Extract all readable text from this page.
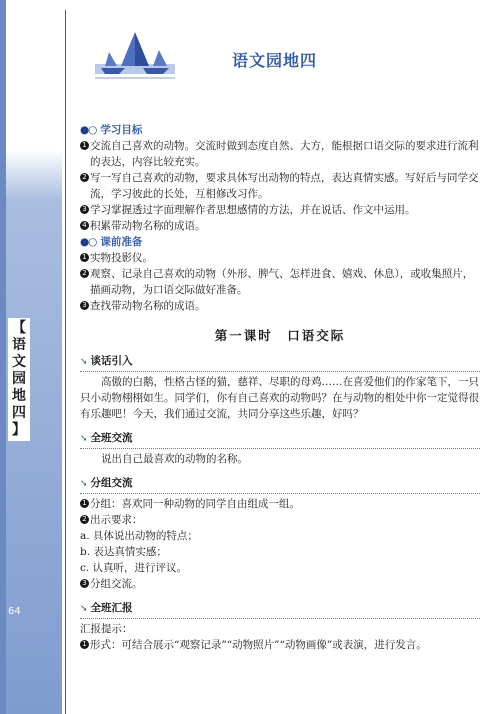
【
语
文
园
地
四
】
64
语文园地四
●○ 学习目标
1 交流自己喜欢的动物。交流时做到态度自然、大方，能根据口语交际的要求进行流利的表达，内容比较充实。
2 写一写自己喜欢的动物，要求具体写出动物的特点，表达真情实感。写好后与同学交流，学习彼此的长处，互相修改习作。
3 学习掌握透过字面理解作者思想感情的方法，并在说话、作文中运用。
4 积累带动物名称的成语。
●○ 课前准备
1 实物投影仪。
2 观察、记录自己喜欢的动物（外形、脾气、怎样进食、嬉戏、休息），或收集照片，描画动物，为口语交际做好准备。
3 查找带动物名称的成语。
第一课时　口语交际
➘ 谈话引入
高傲的白鹅，性格古怪的猫，慈祥、尽职的母鸡……在喜爱他们的作家笔下，一只只小动物栩栩如生。同学们，你有自己喜欢的动物吗？在与动物的相处中你一定觉得很有乐趣吧！今天，我们通过交流，共同分享这些乐趣，好吗？
➘ 全班交流
说出自己最喜欢的动物的名称。
➘ 分组交流
1 分组：喜欢同一种动物的同学自由组成一组。
2 出示要求：
a. 具体说出动物的特点；
b. 表达真情实感；
c. 认真听，进行评议。
3 分组交流。
➘ 全班汇报
汇报提示：
1 形式：可结合展示“观察记录”“动物照片”“动物画像”或表演，进行发言。
